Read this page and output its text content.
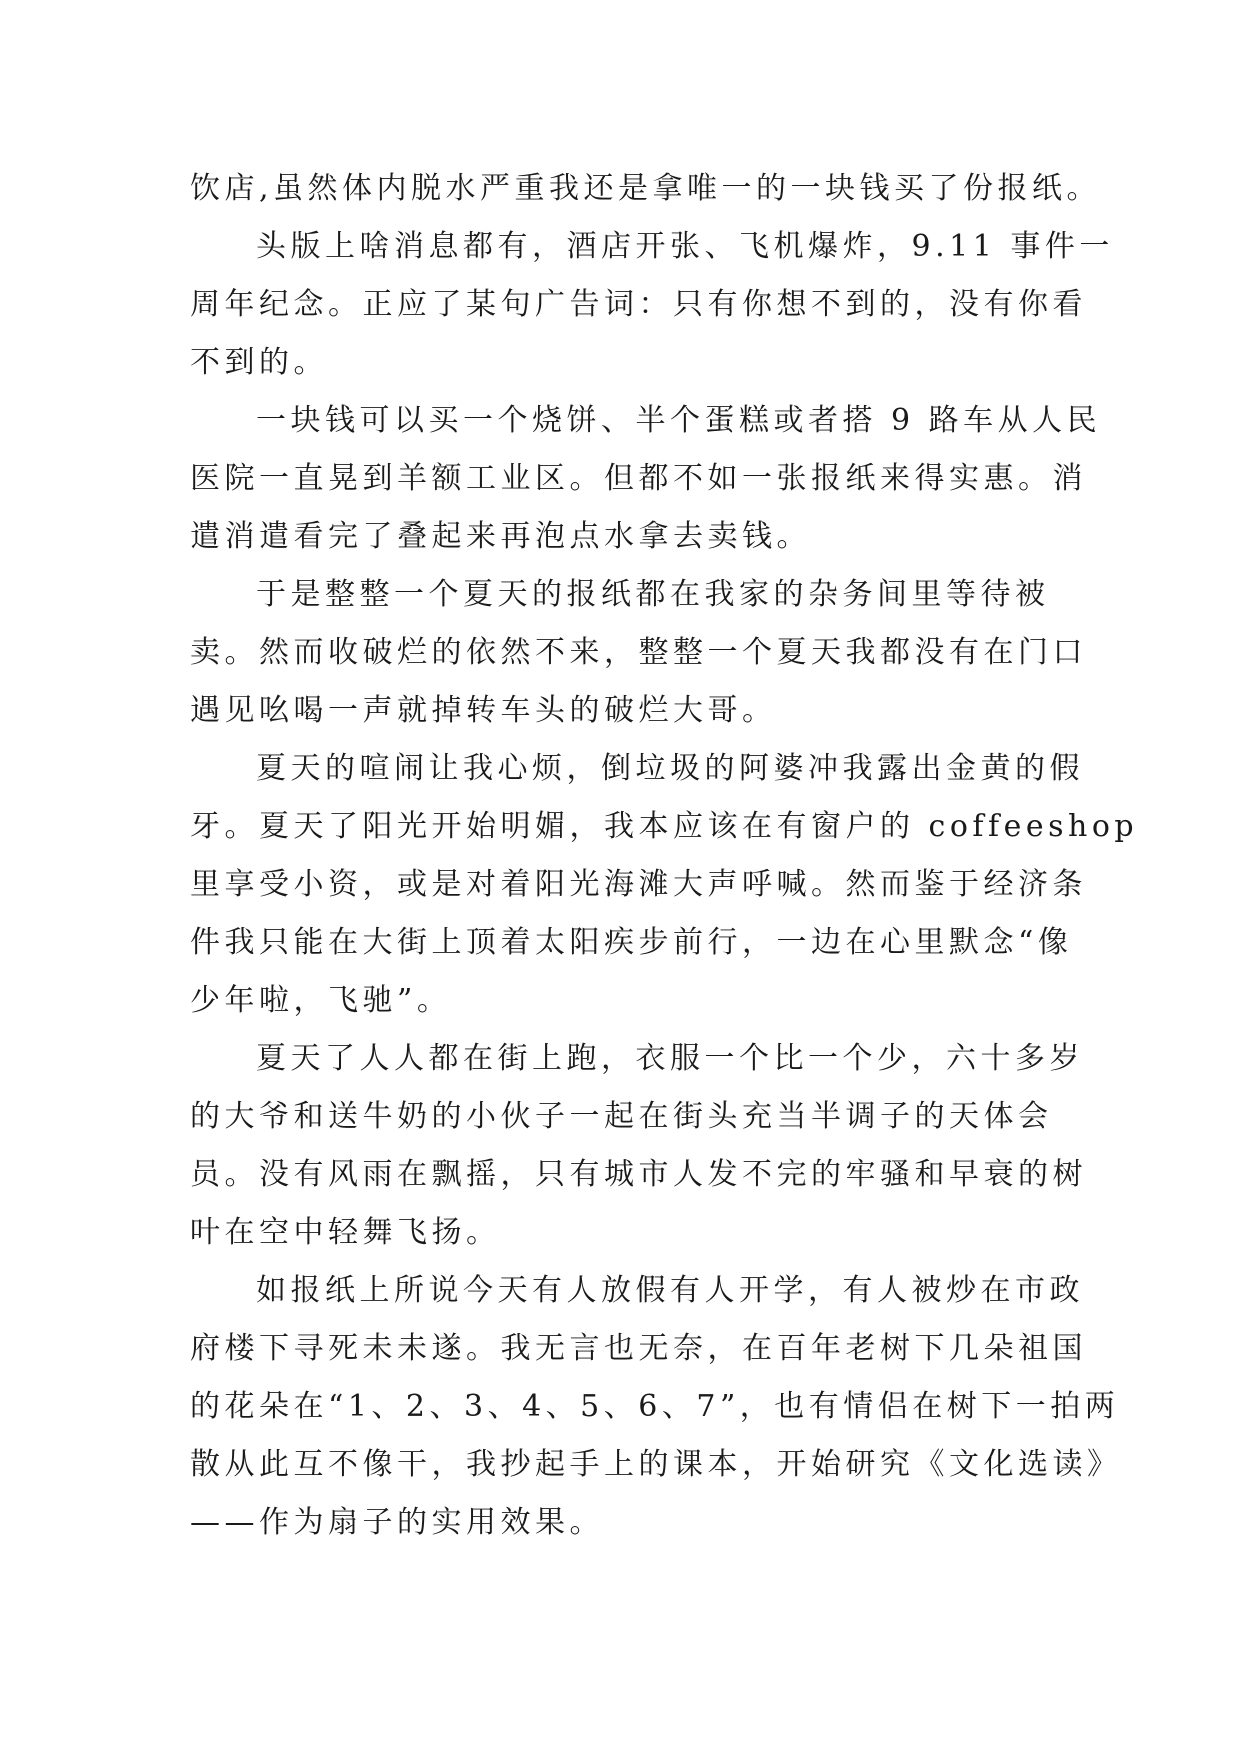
饮店,虽然体内脱水严重我还是拿唯一的一块钱买了份报纸。
头版上啥消息都有，酒店开张、飞机爆炸，9.11 事件一
周年纪念。正应了某句广告词：只有你想不到的，没有你看
不到的。
一块钱可以买一个烧饼、半个蛋糕或者搭 9 路车从人民
医院一直晃到羊额工业区。但都不如一张报纸来得实惠。消
遣消遣看完了叠起来再泡点水拿去卖钱。
于是整整一个夏天的报纸都在我家的杂务间里等待被
卖。然而收破烂的依然不来，整整一个夏天我都没有在门口
遇见吆喝一声就掉转车头的破烂大哥。
夏天的喧闹让我心烦，倒垃圾的阿婆冲我露出金黄的假
牙。夏天了阳光开始明媚，我本应该在有窗户的 coffeeshop
里享受小资，或是对着阳光海滩大声呼喊。然而鉴于经济条
件我只能在大街上顶着太阳疾步前行，一边在心里默念“像
少年啦，飞驰”。
夏天了人人都在街上跑，衣服一个比一个少，六十多岁
的大爷和送牛奶的小伙子一起在街头充当半调子的天体会
员。没有风雨在飘摇，只有城市人发不完的牢骚和早衰的树
叶在空中轻舞飞扬。
如报纸上所说今天有人放假有人开学，有人被炒在市政
府楼下寻死未未遂。我无言也无奈，在百年老树下几朵祖国
的花朵在“1、2、3、4、5、6、7”，也有情侣在树下一拍两
散从此互不像干，我抄起手上的课本，开始研究《文化选读》
——作为扇子的实用效果。
